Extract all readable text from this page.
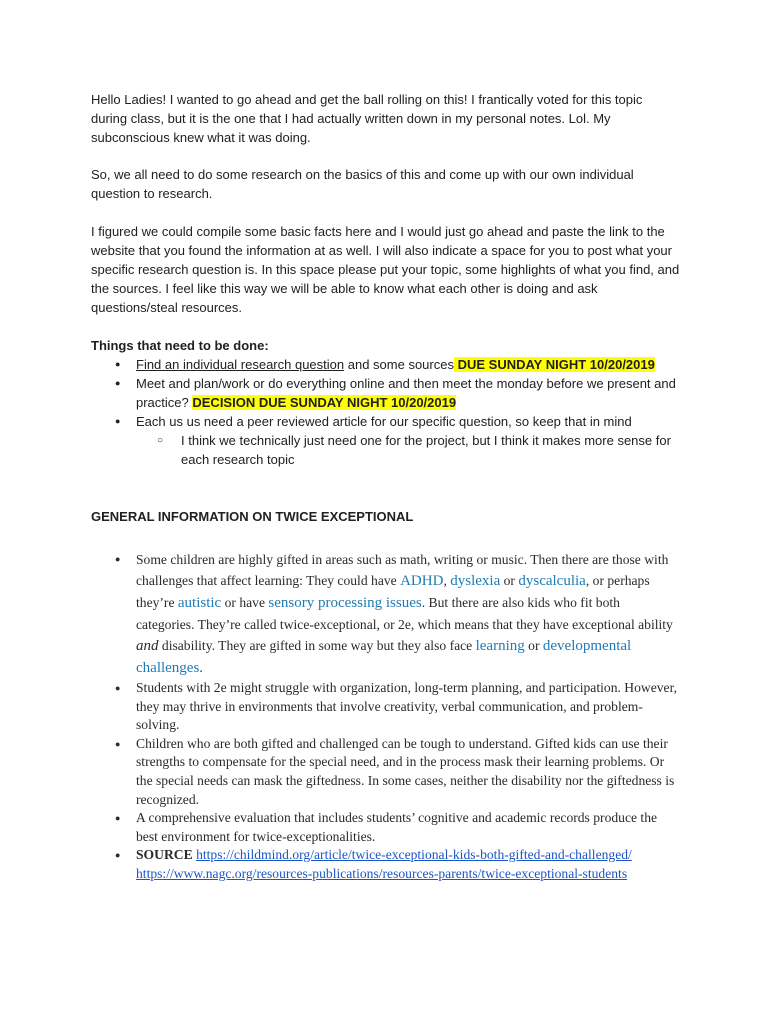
Hello Ladies! I wanted to go ahead and get the ball rolling on this! I frantically voted for this topic during class, but it is the one that I had actually written down in my personal notes. Lol. My subconscious knew what it was doing.

So, we all need to do some research on the basics of this and come up with our own individual question to research.

I figured we could compile some basic facts here and I would just go ahead and paste the link to the website that you found the information at as well. I will also indicate a space for you to post what your specific research question is. In this space please put your topic, some highlights of what you find, and the sources. I feel like this way we will be able to know what each other is doing and ask questions/steal resources.

Things that need to be done:

● Find an individual research question and some sources DUE SUNDAY NIGHT 10/20/2019
● Meet and plan/work or do everything online and then meet the monday before we present and practice? DECISION DUE SUNDAY NIGHT 10/20/2019
● Each us us need a peer reviewed article for our specific question, so keep that in mind
○ I think we technically just need one for the project, but I think it makes more sense for each research topic

GENERAL INFORMATION ON TWICE EXCEPTIONAL

● Some children are highly gifted in areas such as math, writing or music. Then there are those with challenges that affect learning: They could have ADHD, dyslexia or dyscalculia, or perhaps they’re autistic or have sensory processing issues. But there are also kids who fit both categories. They’re called twice-exceptional, or 2e, which means that they have exceptional ability and disability. They are gifted in some way but they also face learning or developmental challenges.
● Students with 2e might struggle with organization, long-term planning, and participation. However, they may thrive in environments that involve creativity, verbal communication, and problem-solving.
● Children who are both gifted and challenged can be tough to understand. Gifted kids can use their strengths to compensate for the special need, and in the process mask their learning problems. Or the special needs can mask the giftedness. In some cases, neither the disability nor the giftedness is recognized.
● A comprehensive evaluation that includes students’ cognitive and academic records produce the best environment for twice-exceptionalities.
● SOURCE https://childmind.org/article/twice-exceptional-kids-both-gifted-and-challenged/
https://www.nagc.org/resources-publications/resources-parents/twice-exceptional-students
